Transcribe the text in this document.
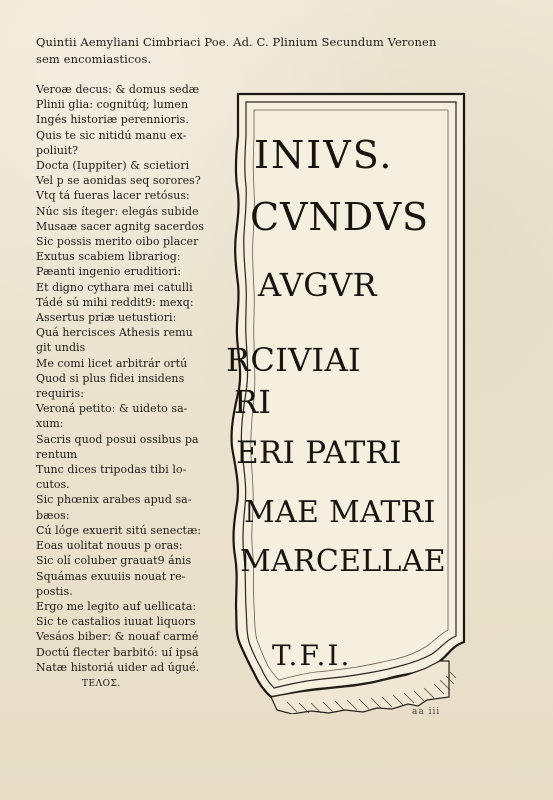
Quintii Aemyliani Cimbriaci Poe. Ad. C. Plinium Secundum Veronen
sem encomiasticos.
Veroæ decus: & domus sedæ
Plinii glia: cognitúq; lumen
Ingés historiæ perennioris.
Quis te sic nitidú manu ex-
poliuit?
Docta (Iuppiter) & scietiori
Vel p se aonidas seq sorores?
Vtq tá fueras lacer retósus:
Núc sis íteger: elegás subide
Musaæ sacer agnitg sacerdos
Sic possis merito oibo placer
Exutus scabiem librariog:
Pæanti ingenio eruditiori:
Et digno cythara mei catulli
Tádé sú mihi reddit9: mexq:
Assertus priæ uetustiori:
Quá hercisces Athesis remu
git undis
Me comi licet arbitrár ortú
Quod si plus fidei insidens
requiris:
Veroná petito: & uideto sa-
xum:
Sacris quod posui ossibus pa
rentum
Tunc dices tripodas tibi lo-
cutos.
Sic phœnix arabes apud sa-
bæos:
Cú lóge exuerit sitú senectæ:
Eoas uolitat nouus p oras:
Sic olí coluber grauat9 ánis
Squámas exuuiis nouat re-
postis.
Ergo me legito auf uellicata:
Sic te castalios iuuat liquors
Vesáos biber: & nouaf carmé
Doctú flecter barbitó: uí ipsá
Natæ historiá uider ad úgué.
ΤΕΛΟΣ.
INIVS.
CVNDVS
AVGVR
RCIVIAI
RI
ERI PATRI
MAE MATRI
MARCELLAE
T.F.I.
aa iii
